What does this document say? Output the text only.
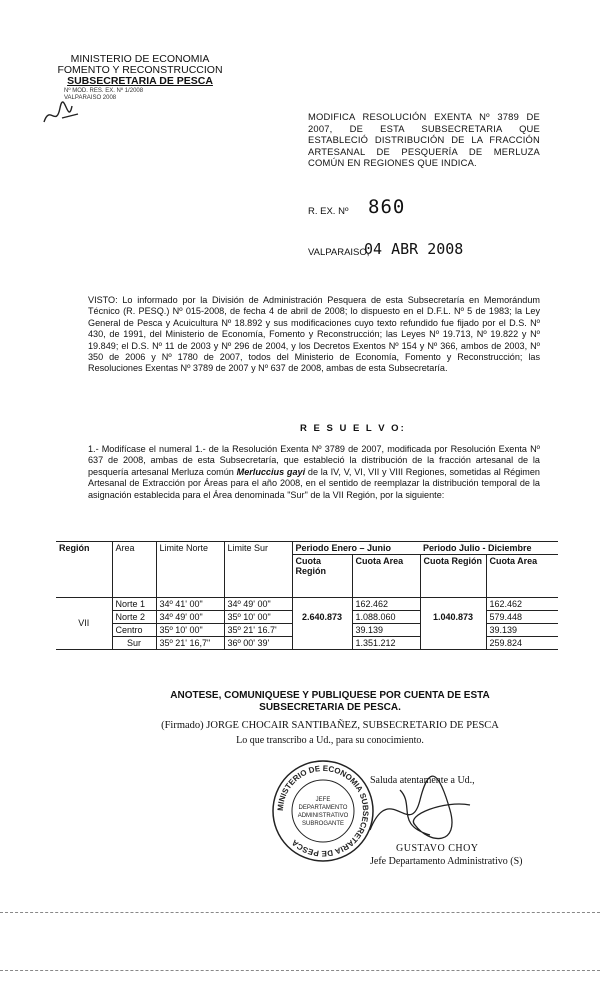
MINISTERIO DE ECONOMIA
FOMENTO Y RECONSTRUCCION
SUBSECRETARIA DE PESCA
Nº MOD. RES. EX. Nº 1/2008
VALPARAISO 2008
MODIFICA RESOLUCIÓN EXENTA Nº 3789 DE 2007, DE ESTA SUBSECRETARIA QUE ESTABLECIÓ DISTRIBUCIÓN DE LA FRACCIÓN ARTESANAL DE PESQUERÍA DE MERLUZA COMÚN EN REGIONES QUE INDICA.
R. EX. Nº 860
VALPARAISO,
04 ABR 2008
VISTO: Lo informado por la División de Administración Pesquera de esta Subsecretaría en Memorándum Técnico (R. PESQ.) Nº 015-2008, de fecha 4 de abril de 2008; lo dispuesto en el D.F.L. Nº 5 de 1983; la Ley General de Pesca y Acuicultura Nº 18.892 y sus modificaciones cuyo texto refundido fue fijado por el D.S. Nº 430, de 1991, del Ministerio de Economía, Fomento y Reconstrucción; las Leyes Nº 19.713, Nº 19.822 y Nº 19.849; el D.S. Nº 11 de 2003 y Nº 296 de 2004, y los Decretos Exentos Nº 154 y Nº 366, ambos de 2003, Nº 350 de 2006 y Nº 1780 de 2007, todos del Ministerio de Economía, Fomento y Reconstrucción; las Resoluciones Exentas Nº 3789 de 2007 y Nº 637 de 2008, ambas de esta Subsecretaría.
R E S U E L V O:
1.- Modifícase el numeral 1.- de la Resolución Exenta Nº 3789 de 2007, modificada por Resolución Exenta Nº 637 de 2008, ambas de esta Subsecretaría, que estableció la distribución de la fracción artesanal de la pesquería artesanal Merluza común Merluccius gayi de la IV, V, VI, VII y VIII Regiones, sometidas al Régimen Artesanal de Extracción por Áreas para el año 2008, en el sentido de reemplazar la distribución temporal de la asignación establecida para el Área denominada "Sur" de la VII Región, por la siguiente:
Región	Area	Limite Norte	Limite Sur	Periodo Enero – Junio		Periodo Julio - Diciembre	
				Cuota Región	Cuota Area	Cuota Región	Cuota Area
VII	Norte 1	34º 41' 00"	34º 49' 00"	2.640.873	162.462	1.040.873	162.462
	Norte 2	34º 49' 00"	35º 10' 00"		1.088.060		579.448
	Centro	35º 10' 00"	35º 21' 16.7'		39.139		39.139
	Sur	35º 21' 16,7"	36º 00' 39'		1.351.212		259.824
ANOTESE, COMUNIQUESE Y PUBLIQUESE POR CUENTA DE ESTA SUBSECRETARIA DE PESCA.
(Firmado) JORGE CHOCAIR SANTIBAÑEZ, SUBSECRETARIO DE PESCA
Lo que transcribo a Ud., para su conocimiento.
Saluda atentamente a Ud.,
MINISTERIO DE ECONOMIA SUBSECRETARIA DE PESCA
JEFE
DEPARTAMENTO
ADMINISTRATIVO
SUBROGANTE
GUSTAVO CHOY
Jefe Departamento Administrativo (S)
